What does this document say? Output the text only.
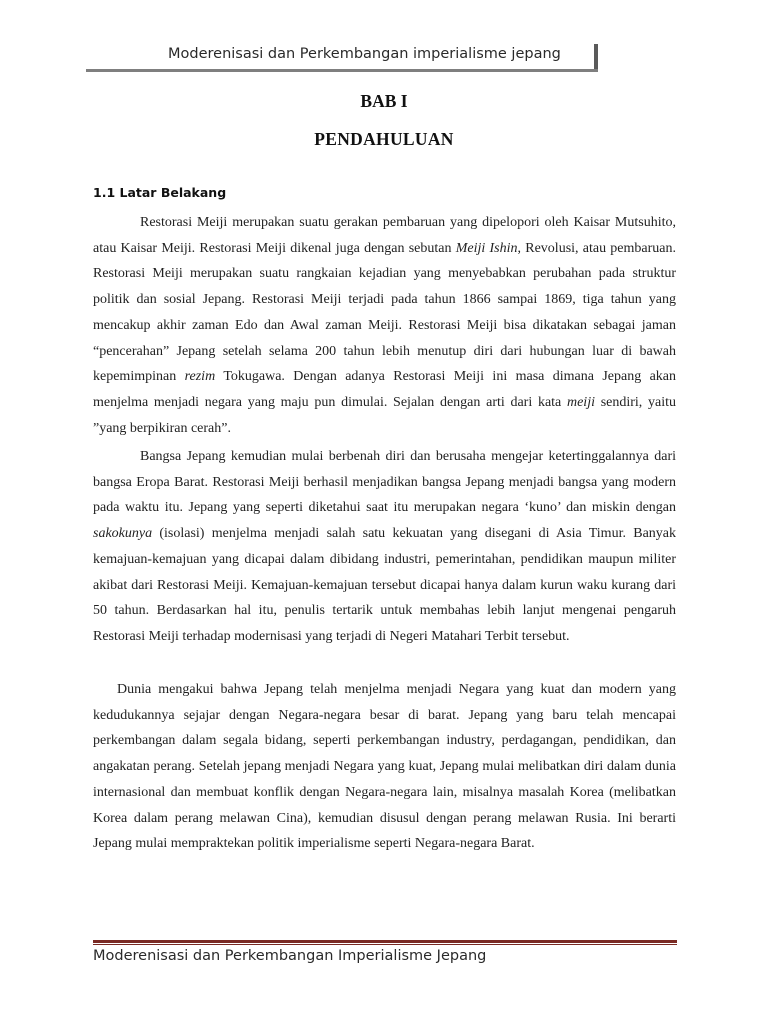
Moderenisasi dan Perkembangan imperialisme jepang
BAB I
PENDAHULUAN
1.1 Latar Belakang

Restorasi Meiji merupakan suatu gerakan pembaruan yang dipelopori oleh Kaisar Mutsuhito, atau Kaisar Meiji. Restorasi Meiji dikenal juga dengan sebutan Meiji Ishin, Revolusi, atau pembaruan. Restorasi Meiji merupakan suatu rangkaian kejadian yang menyebabkan perubahan pada struktur politik dan sosial Jepang. Restorasi Meiji terjadi pada tahun 1866 sampai 1869, tiga tahun yang mencakup akhir zaman Edo dan Awal zaman Meiji. Restorasi Meiji bisa dikatakan sebagai jaman “pencerahan” Jepang setelah selama 200 tahun lebih menutup diri dari hubungan luar di bawah kepemimpinan rezim Tokugawa. Dengan adanya Restorasi Meiji ini masa dimana Jepang akan menjelma menjadi negara yang maju pun dimulai. Sejalan dengan arti dari kata meiji sendiri, yaitu ”yang berpikiran cerah”.

Bangsa Jepang kemudian mulai berbenah diri dan berusaha mengejar ketertinggalannya dari bangsa Eropa Barat. Restorasi Meiji berhasil menjadikan bangsa Jepang menjadi bangsa yang modern pada waktu itu. Jepang yang seperti diketahui saat itu merupakan negara ‘kuno’ dan miskin dengan sakokunya (isolasi) menjelma menjadi salah satu kekuatan yang disegani di Asia Timur. Banyak kemajuan-kemajuan yang dicapai dalam dibidang industri, pemerintahan, pendidikan maupun militer akibat dari Restorasi Meiji. Kemajuan-kemajuan tersebut dicapai hanya dalam kurun waku kurang dari 50 tahun. Berdasarkan hal itu, penulis tertarik untuk membahas lebih lanjut mengenai pengaruh Restorasi Meiji terhadap modernisasi yang terjadi di Negeri Matahari Terbit tersebut.

Dunia mengakui bahwa Jepang telah menjelma menjadi Negara yang kuat dan modern yang kedudukannya sejajar dengan Negara-negara besar di barat. Jepang yang baru telah mencapai perkembangan dalam segala bidang, seperti perkembangan industry, perdagangan, pendidikan, dan angakatan perang. Setelah jepang menjadi Negara yang kuat, Jepang mulai melibatkan diri dalam dunia internasional dan membuat konflik dengan Negara-negara lain, misalnya masalah Korea (melibatkan Korea dalam perang melawan Cina), kemudian disusul dengan perang melawan Rusia. Ini berarti Jepang mulai mempraktekan politik imperialisme seperti Negara-negara Barat.

Moderenisasi dan Perkembangan Imperialisme Jepang
